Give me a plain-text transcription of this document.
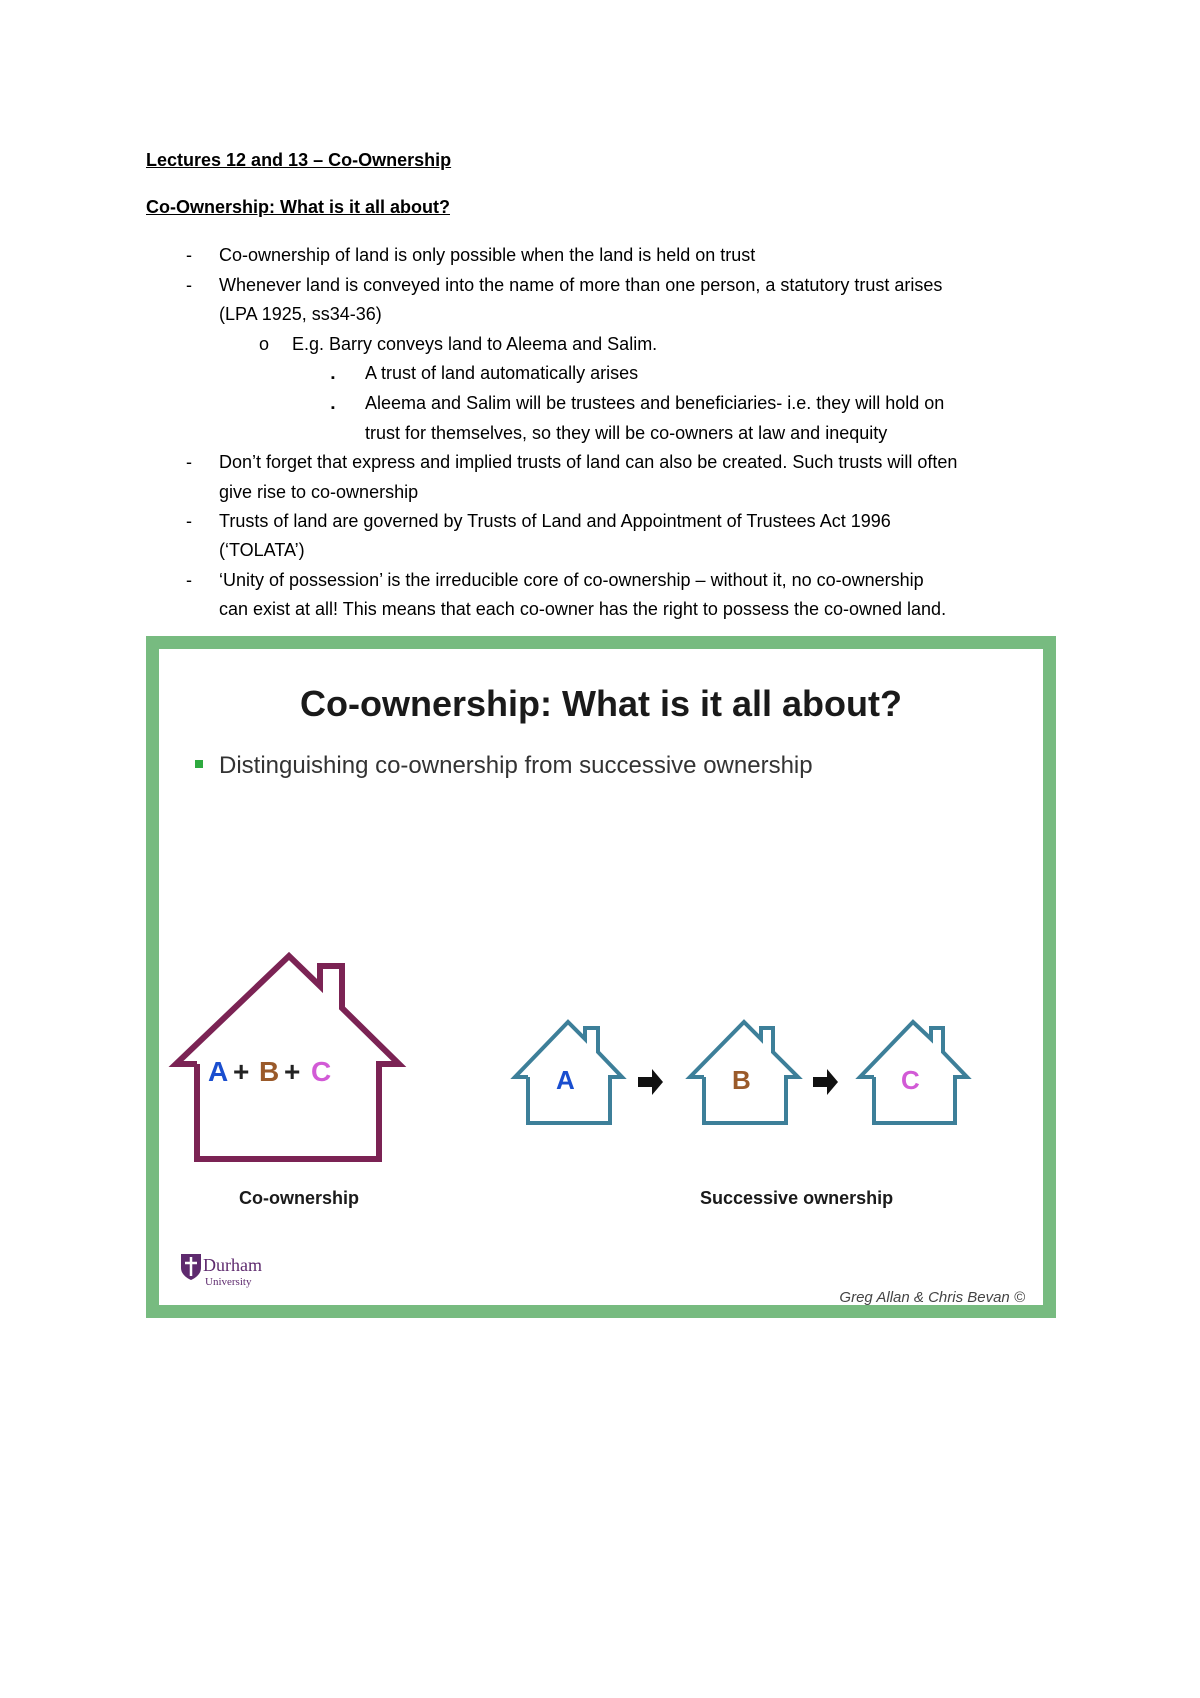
Lectures 12 and 13 – Co-Ownership

Co-Ownership: What is it all about?

- Co-ownership of land is only possible when the land is held on trust

- Whenever land is conveyed into the name of more than one person, a statutory trust arises

(LPA 1925, ss34-36)

o E.g. Barry conveys land to Aleema and Salim.

▪ A trust of land automatically arises

▪ Aleema and Salim will be trustees and beneficiaries- i.e. they will hold on

trust for themselves, so they will be co-owners at law and inequity

- Don’t forget that express and implied trusts of land can also be created. Such trusts will often

give rise to co-ownership

- Trusts of land are governed by Trusts of Land and Appointment of Trustees Act 1996

(‘TOLATA’)

- ‘Unity of possession’ is the irreducible core of co-ownership – without it, no co-ownership

can exist at all! This means that each co-owner has the right to possess the co-owned land.

Co-ownership: What is it all about?

Distinguishing co-ownership from successive ownership
A + B + C	A	B	C
Co-ownership	Successive ownership
Durham
University
Greg Allan & Chris Bevan ©
